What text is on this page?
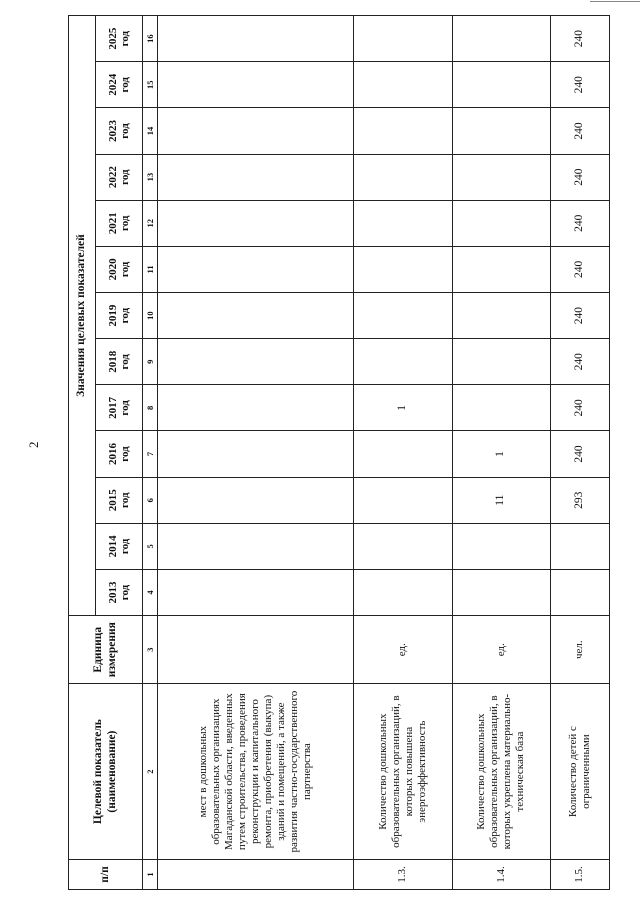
2
п/п	Целевой показатель (наименование)	Единица измерения	Значения целевых показателей												
			2013 год	2014 год	2015 год	2016 год	2017 год	2018 год	2019 год	2020 год	2021 год	2022 год	2023 год	2024 год	2025 год
1	2	3	4	5	6	7	8	9	10	11	12	13	14	15	16
	мест в дошкольных образовательных организациях Магаданской области, введенных путем строительства, проведения реконструкции и капитального ремонта, приобретения (выкупа) зданий и помещений, а также развития частно-государственного партнерства														
1.3.	Количество дошкольных образовательных организаций, в которых повышена энергоэффективность	ед.					1								
1.4.	Количество дошкольных образовательных организаций, в которых укреплена материально-техническая база	ед.			11	1									
1.5.	Количество детей с ограниченными	чел.			293	240	240	240	240	240	240	240	240	240	240
